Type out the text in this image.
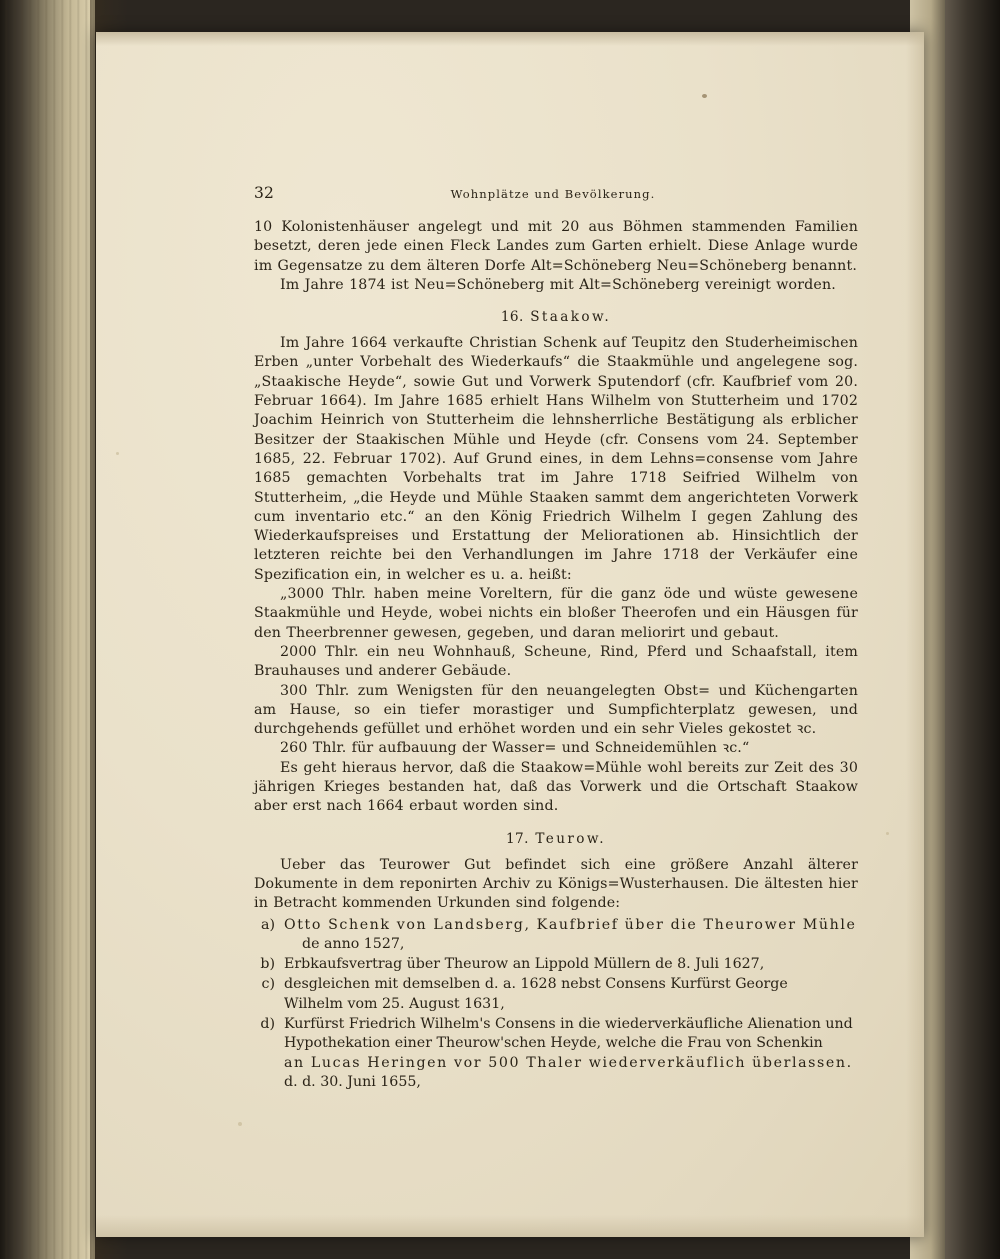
32	Wohnplätze und Bevölkerung.

10 Kolonistenhäuser angelegt und mit 20 aus Böhmen stammenden Familien besetzt, deren jede einen Fleck Landes zum Garten erhielt. Diese Anlage wurde im Gegensatze zu dem älteren Dorfe Alt=Schöneberg Neu=Schöneberg benannt.

Im Jahre 1874 ist Neu=Schöneberg mit Alt=Schöneberg vereinigt worden.

16. Staakow.

Im Jahre 1664 verkaufte Christian Schenk auf Teupitz den Studerheimischen Erben „unter Vorbehalt des Wiederkaufs“ die Staakmühle und angelegene sog. „Staakische Heyde“, sowie Gut und Vorwerk Sputendorf (cfr. Kaufbrief vom 20. Februar 1664). Im Jahre 1685 erhielt Hans Wilhelm von Stutterheim und 1702 Joachim Heinrich von Stutterheim die lehnsherrliche Bestätigung als erblicher Besitzer der Staakischen Mühle und Heyde (cfr. Consens vom 24. September 1685, 22. Februar 1702). Auf Grund eines, in dem Lehns=consense vom Jahre 1685 gemachten Vorbehalts trat im Jahre 1718 Seifried Wilhelm von Stutterheim, „die Heyde und Mühle Staaken sammt dem angerichteten Vorwerk cum inventario etc.“ an den König Friedrich Wilhelm I gegen Zahlung des Wiederkaufspreises und Erstattung der Meliorationen ab. Hinsichtlich der letzteren reichte bei den Verhandlungen im Jahre 1718 der Verkäufer eine Spezification ein, in welcher es u. a. heißt:

„3000 Thlr. haben meine Voreltern, für die ganz öde und wüste gewesene Staakmühle und Heyde, wobei nichts ein bloßer Theerofen und ein Häusgen für den Theerbrenner gewesen, gegeben, und daran meliorirt und gebaut.

2000 Thlr. ein neu Wohnhauß, Scheune, Rind, Pferd und Schaafstall, item Brauhauses und anderer Gebäude.

300 Thlr. zum Wenigsten für den neuangelegten Obst= und Küchengarten am Hause, so ein tiefer morastiger und Sumpfichterplatz gewesen, und durchgehends gefüllet und erhöhet worden und ein sehr Vieles gekostet ꝛc.

260 Thlr. für aufbauung der Wasser= und Schneidemühlen ꝛc.“

Es geht hieraus hervor, daß die Staakow=Mühle wohl bereits zur Zeit des 30 jährigen Krieges bestanden hat, daß das Vorwerk und die Ortschaft Staakow aber erst nach 1664 erbaut worden sind.

17. Teurow.

Ueber das Teurower Gut befindet sich eine größere Anzahl älterer Dokumente in dem reponirten Archiv zu Königs=Wusterhausen. Die ältesten hier in Betracht kommenden Urkunden sind folgende:

a) Otto Schenk von Landsberg, Kaufbrief über die Theurower Mühle
de anno 1527,
b) Erbkaufsvertrag über Theurow an Lippold Müllern de 8. Juli 1627,
c) desgleichen mit demselben d. a. 1628 nebst Consens Kurfürst George
Wilhelm vom 25. August 1631,
d) Kurfürst Friedrich Wilhelm's Consens in die wiederverkäufliche Alienation und
Hypothekation einer Theurow'schen Heyde, welche die Frau von Schenkin
an Lucas Heringen vor 500 Thaler wiederverkäuflich überlassen.
d. d. 30. Juni 1655,
